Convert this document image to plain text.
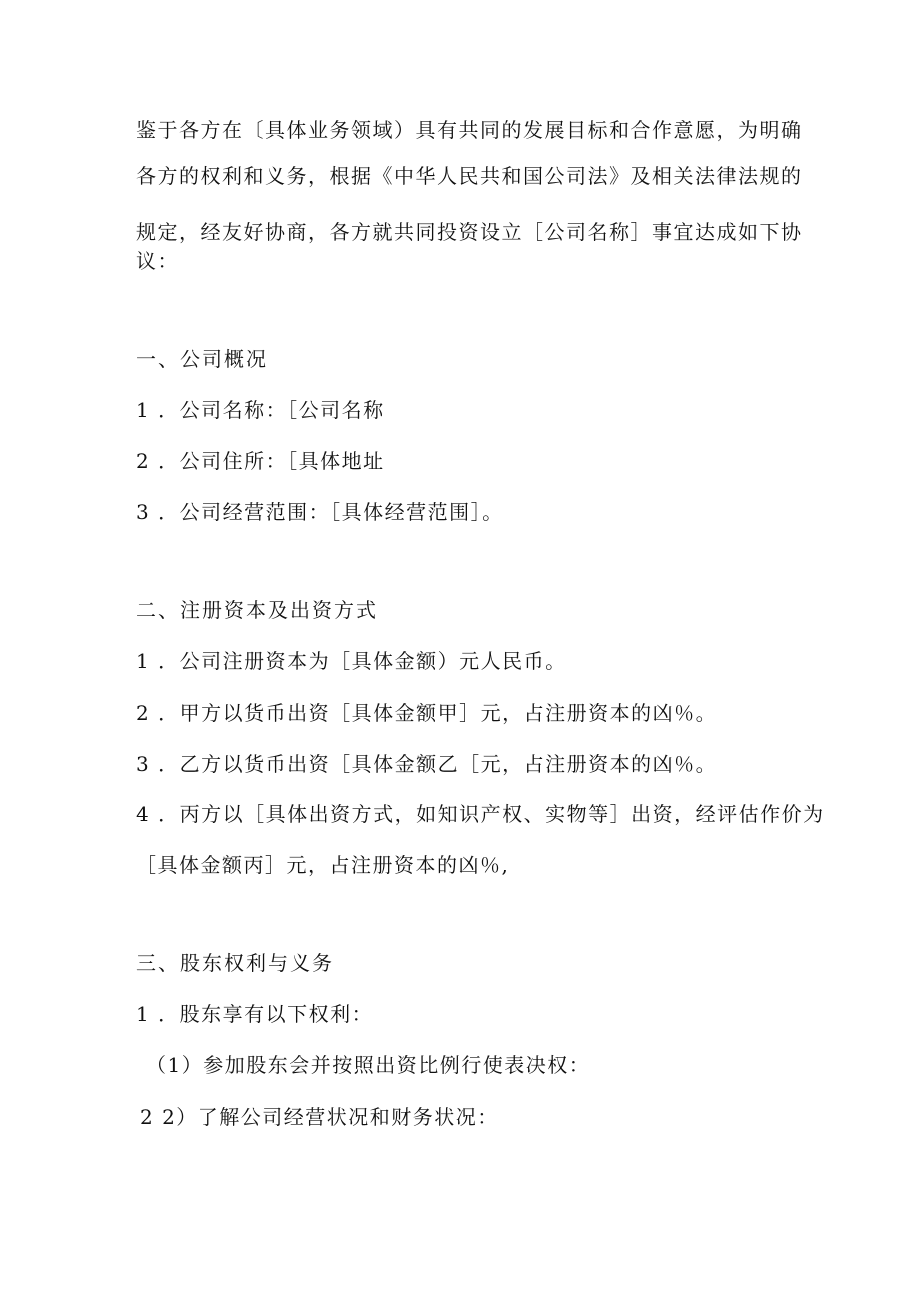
鉴于各方在〔具体业务领域）具有共同的发展目标和合作意愿，为明确
各方的权利和义务，根据《中华人民共和国公司法》及相关法律法规的
规定，经友好协商，各方就共同投资设立［公司名称］事宜达成如下协
议：
一、公司概况
1 ．公司名称：［公司名称
2 ．公司住所：［具体地址
3 ．公司经营范围：［具体经营范围］。
二、注册资本及出资方式
1 ．公司注册资本为［具体金额）元人民币。
2 ．甲方以货币出资［具体金额甲］元，占注册资本的凶％。
3 ．乙方以货币出资［具体金额乙［元，占注册资本的凶％。
4 ．丙方以［具体出资方式，如知识产权、实物等］出资，经评估作价为
［具体金额丙］元，占注册资本的凶％,
三、股东权利与义务
1 ．股东享有以下权利：
（1）参加股东会并按照出资比例行使表决权：
2 2）了解公司经营状况和财务状况：
